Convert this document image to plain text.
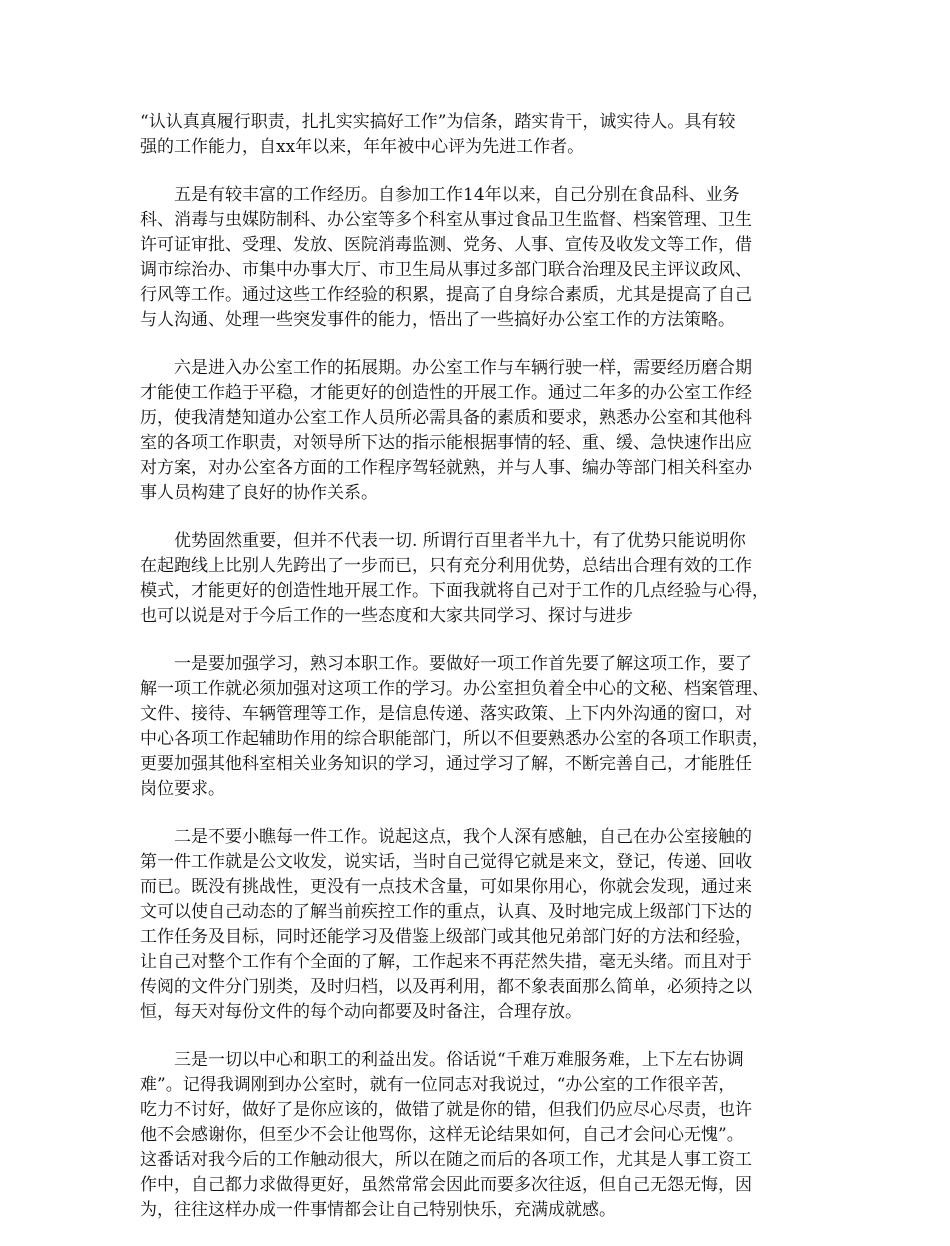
“认认真真履行职责，扎扎实实搞好工作”为信条，踏实肯干，诚实待人。具有较
强的工作能力，自xx年以来，年年被中心评为先进工作者。
　　五是有较丰富的工作经历。自参加工作14年以来，自己分别在食品科、业务
科、消毒与虫媒防制科、办公室等多个科室从事过食品卫生监督、档案管理、卫生
许可证审批、受理、发放、医院消毒监测、党务、人事、宣传及收发文等工作，借
调市综治办、市集中办事大厅、市卫生局从事过多部门联合治理及民主评议政风、
行风等工作。通过这些工作经验的积累，提高了自身综合素质，尤其是提高了自己
与人沟通、处理一些突发事件的能力，悟出了一些搞好办公室工作的方法策略。
　　六是进入办公室工作的拓展期。办公室工作与车辆行驶一样，需要经历磨合期
才能使工作趋于平稳，才能更好的创造性的开展工作。通过二年多的办公室工作经
历，使我清楚知道办公室工作人员所必需具备的素质和要求，熟悉办公室和其他科
室的各项工作职责，对领导所下达的指示能根据事情的轻、重、缓、急快速作出应
对方案，对办公室各方面的工作程序驾轻就熟，并与人事、编办等部门相关科室办
事人员构建了良好的协作关系。
　　优势固然重要，但并不代表一切. 所谓行百里者半九十，有了优势只能说明你
在起跑线上比别人先跨出了一步而已，只有充分利用优势，总结出合理有效的工作
模式，才能更好的创造性地开展工作。下面我就将自己对于工作的几点经验与心得，
也可以说是对于今后工作的一些态度和大家共同学习、探讨与进步
　　一是要加强学习，熟习本职工作。要做好一项工作首先要了解这项工作，要了
解一项工作就必须加强对这项工作的学习。办公室担负着全中心的文秘、档案管理、
文件、接待、车辆管理等工作，是信息传递、落实政策、上下内外沟通的窗口，对
中心各项工作起辅助作用的综合职能部门，所以不但要熟悉办公室的各项工作职责，
更要加强其他科室相关业务知识的学习，通过学习了解，不断完善自己，才能胜任
岗位要求。
　　二是不要小瞧每一件工作。说起这点，我个人深有感触，自己在办公室接触的
第一件工作就是公文收发，说实话，当时自己觉得它就是来文，登记，传递、回收
而已。既没有挑战性，更没有一点技术含量，可如果你用心，你就会发现，通过来
文可以使自己动态的了解当前疾控工作的重点，认真、及时地完成上级部门下达的
工作任务及目标，同时还能学习及借鉴上级部门或其他兄弟部门好的方法和经验，
让自己对整个工作有个全面的了解，工作起来不再茫然失措，毫无头绪。而且对于
传阅的文件分门别类，及时归档，以及再利用，都不象表面那么简单，必须持之以
恒，每天对每份文件的每个动向都要及时备注，合理存放。
　　三是一切以中心和职工的利益出发。俗话说“千难万难服务难，上下左右协调
难”。记得我调刚到办公室时，就有一位同志对我说过，“办公室的工作很辛苦，
吃力不讨好，做好了是你应该的，做错了就是你的错，但我们仍应尽心尽责，也许
他不会感谢你，但至少不会让他骂你，这样无论结果如何，自己才会问心无愧”。
这番话对我今后的工作触动很大，所以在随之而后的各项工作，尤其是人事工资工
作中，自己都力求做得更好，虽然常常会因此而要多次往返，但自己无怨无悔，因
为，往往这样办成一件事情都会让自己特别快乐，充满成就感。
